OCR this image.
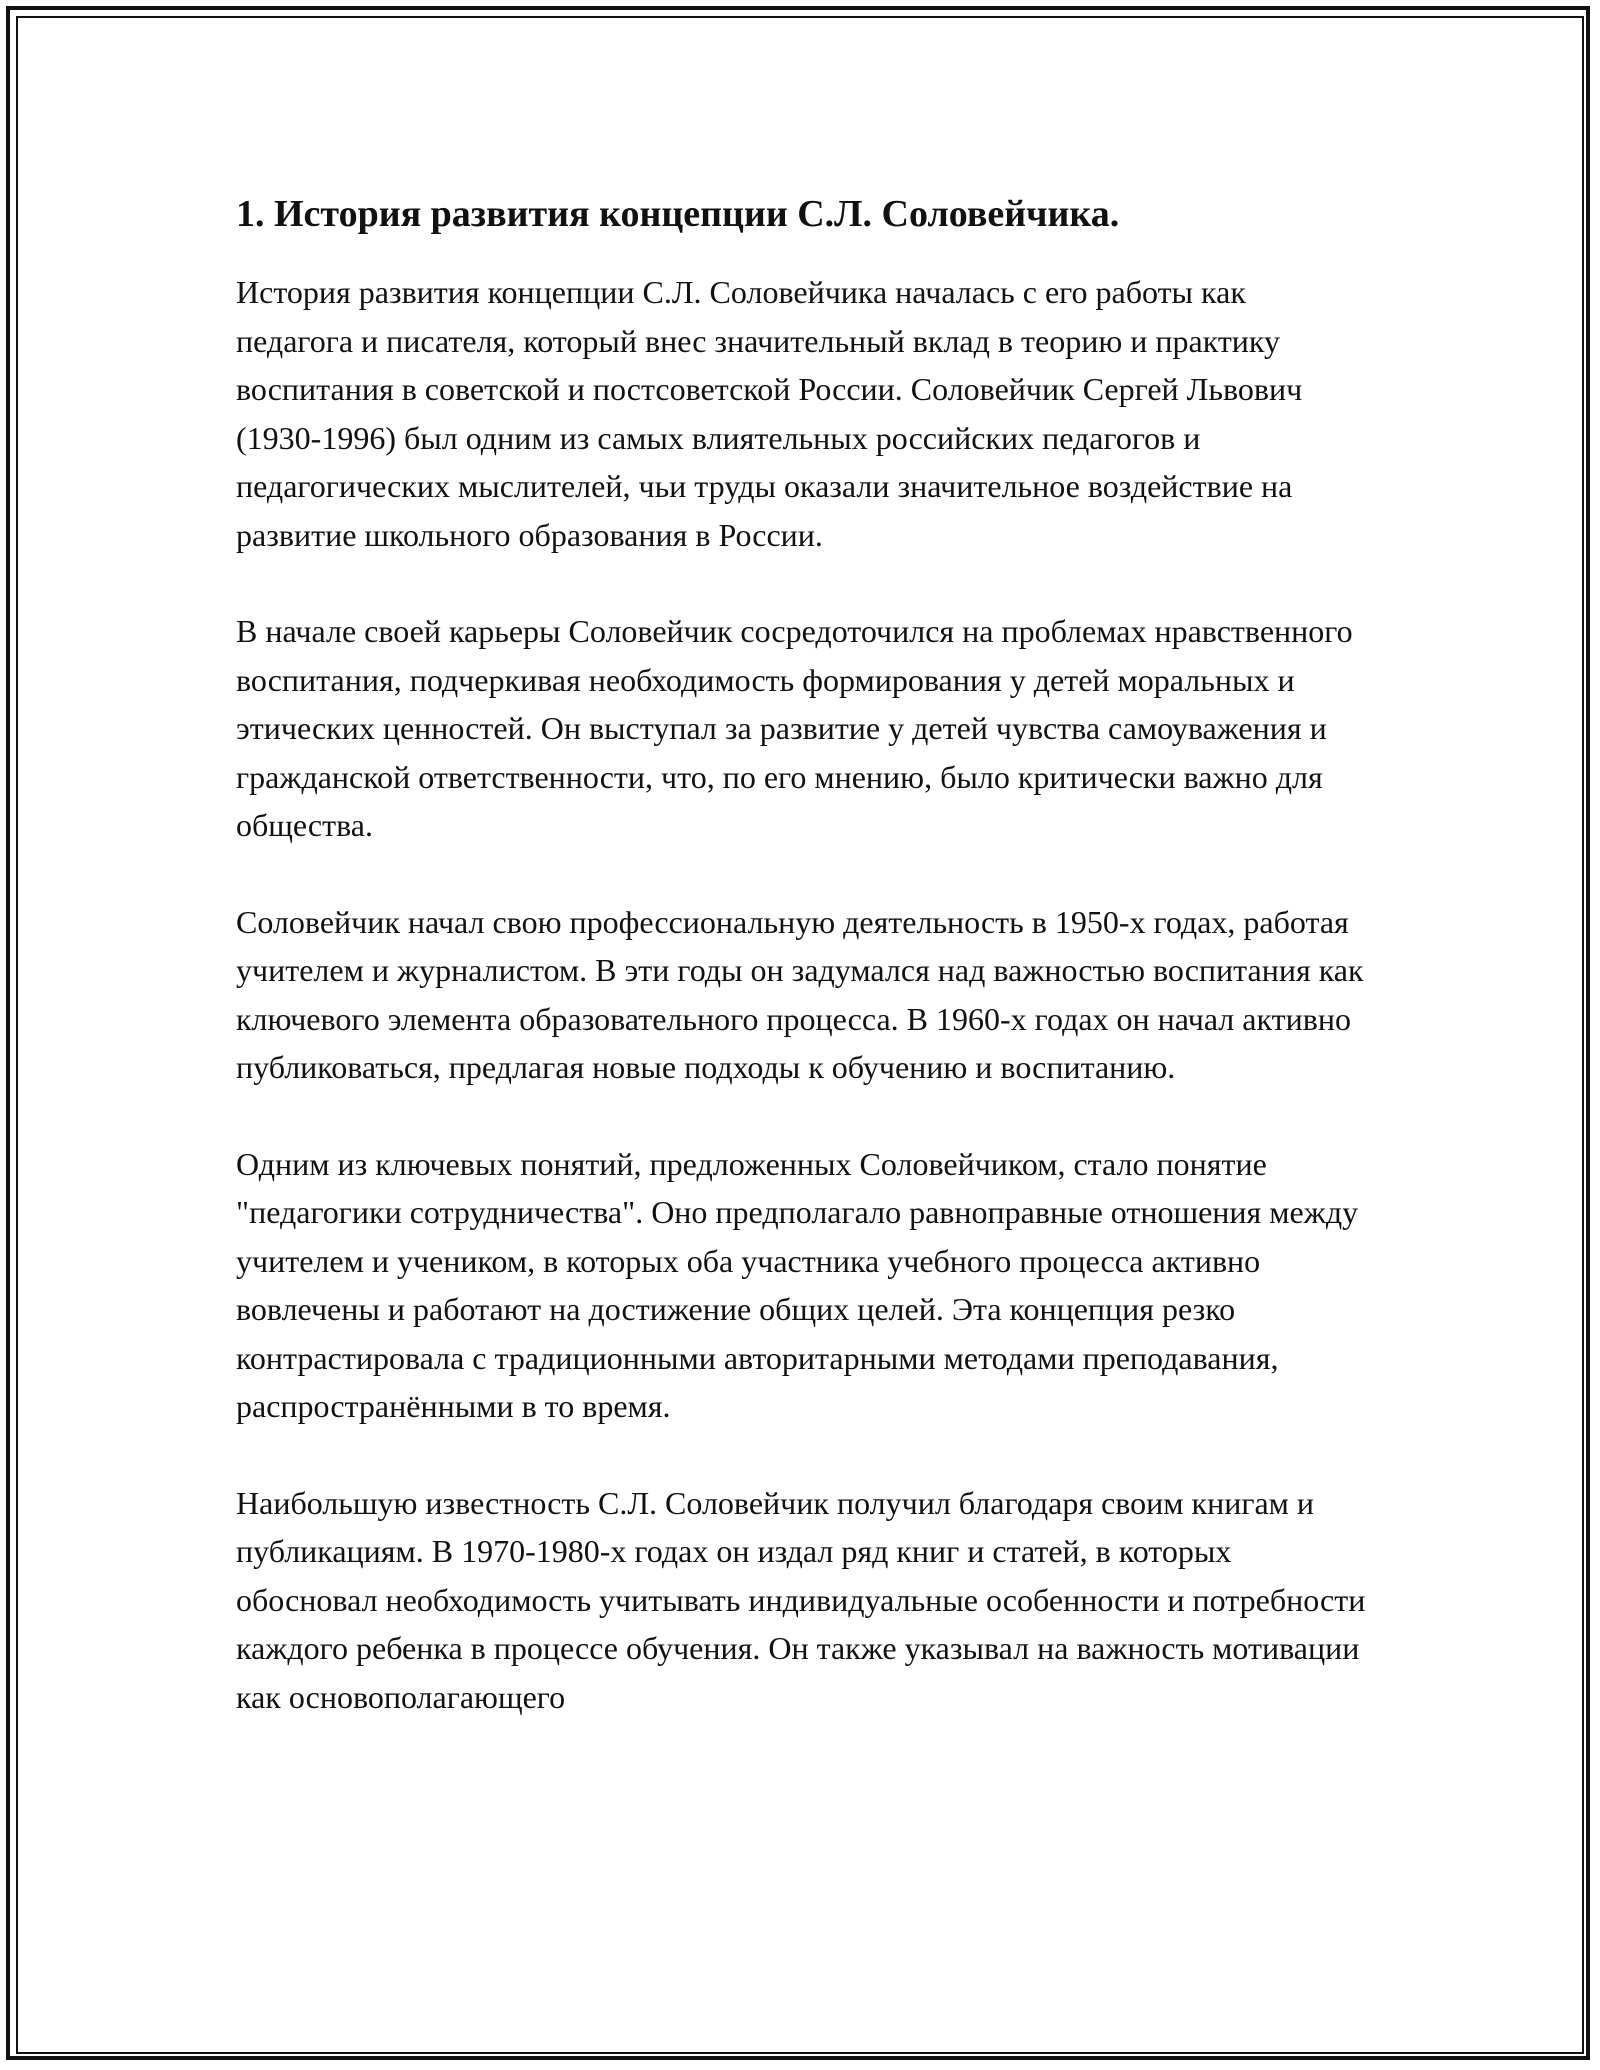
1. История развития концепции С.Л. Соловейчика.

История развития концепции С.Л. Соловейчика началась с его работы как педагога и писателя, который внес значительный вклад в теорию и практику воспитания в советской и постсоветской России. Соловейчик Сергей Львович (1930-1996) был одним из самых влиятельных российских педагогов и педагогических мыслителей, чьи труды оказали значительное воздействие на развитие школьного образования в России.

В начале своей карьеры Соловейчик сосредоточился на проблемах нравственного воспитания, подчеркивая необходимость формирования у детей моральных и этических ценностей. Он выступал за развитие у детей чувства самоуважения и гражданской ответственности, что, по его мнению, было критически важно для общества.

Соловейчик начал свою профессиональную деятельность в 1950-х годах, работая учителем и журналистом. В эти годы он задумался над важностью воспитания как ключевого элемента образовательного процесса. В 1960-х годах он начал активно публиковаться, предлагая новые подходы к обучению и воспитанию.

Одним из ключевых понятий, предложенных Соловейчиком, стало понятие "педагогики сотрудничества". Оно предполагало равноправные отношения между учителем и учеником, в которых оба участника учебного процесса активно вовлечены и работают на достижение общих целей. Эта концепция резко контрастировала с традиционными авторитарными методами преподавания, распространёнными в то время.

Наибольшую известность С.Л. Соловейчик получил благодаря своим книгам и публикациям. В 1970-1980-х годах он издал ряд книг и статей, в которых обосновал необходимость учитывать индивидуальные особенности и потребности каждого ребенка в процессе обучения. Он также указывал на важность мотивации как основополагающего
